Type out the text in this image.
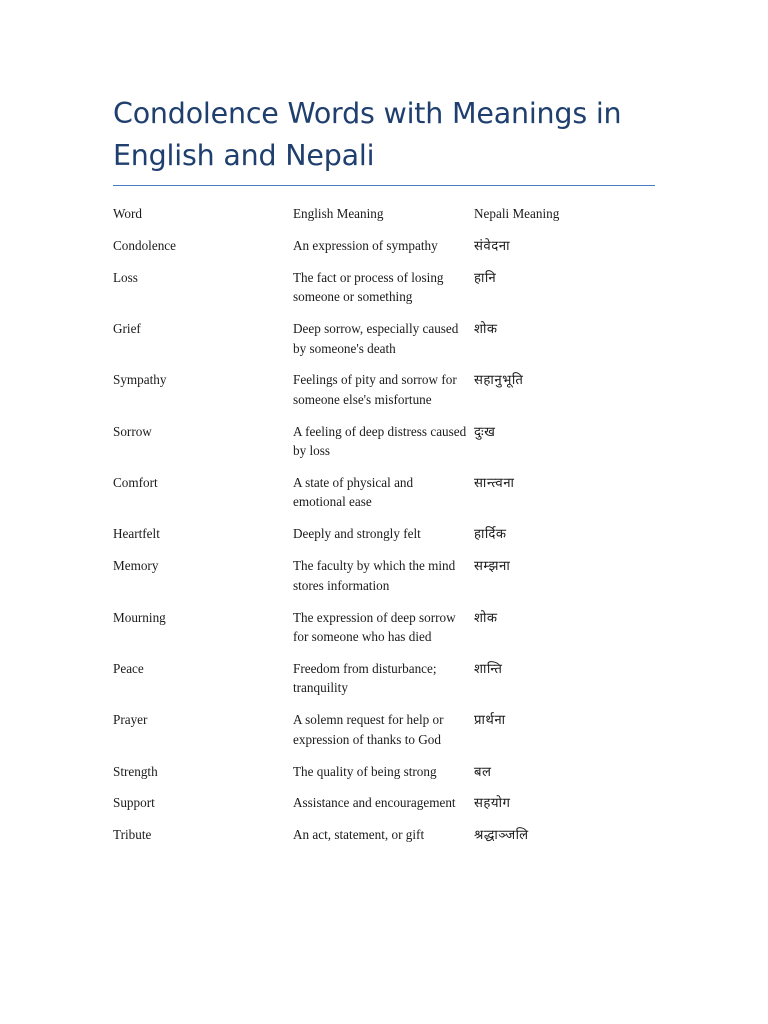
Condolence Words with Meanings in English and Nepali
Word	English Meaning	Nepali Meaning
Condolence	An expression of sympathy	संवेदना
Loss	The fact or process of losing someone or something	हानि
Grief	Deep sorrow, especially caused by someone's death	शोक
Sympathy	Feelings of pity and sorrow for someone else's misfortune	सहानुभूति
Sorrow	A feeling of deep distress caused by loss	दुःख
Comfort	A state of physical and emotional ease	सान्त्वना
Heartfelt	Deeply and strongly felt	हार्दिक
Memory	The faculty by which the mind stores information	सम्झना
Mourning	The expression of deep sorrow for someone who has died	शोक
Peace	Freedom from disturbance; tranquility	शान्ति
Prayer	A solemn request for help or expression of thanks to God	प्रार्थना
Strength	The quality of being strong	बल
Support	Assistance and encouragement	सहयोग
Tribute	An act, statement, or gift	श्रद्धाञ्जलि
